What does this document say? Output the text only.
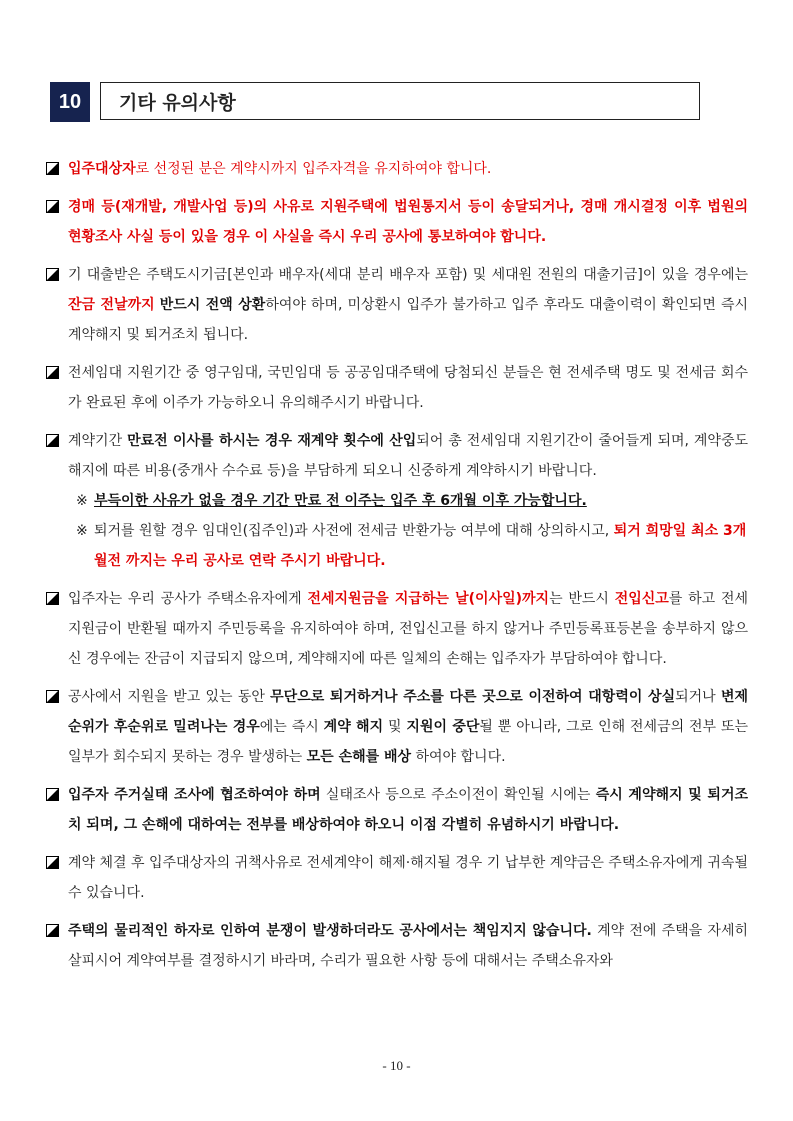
10	기타 유의사항
입주대상자로 선정된 분은 계약시까지 입주자격을 유지하여야 합니다.
경매 등(재개발, 개발사업 등)의 사유로 지원주택에 법원통지서 등이 송달되거나, 경매 개시결정 이후 법원의 현황조사 사실 등이 있을 경우 이 사실을 즉시 우리 공사에 통보하여야 합니다.
기 대출받은 주택도시기금[본인과 배우자(세대 분리 배우자 포함) 및 세대원 전원의 대출기금]이 있을 경우에는 잔금 전날까지 반드시 전액 상환하여야 하며, 미상환시 입주가 불가하고 입주 후라도 대출이력이 확인되면 즉시 계약해지 및 퇴거조치 됩니다.
전세임대 지원기간 중 영구임대, 국민임대 등 공공임대주택에 당첨되신 분들은 현 전세주택 명도 및 전세금 회수가 완료된 후에 이주가 가능하오니 유의해주시기 바랍니다.
계약기간 만료전 이사를 하시는 경우 재계약 횟수에 산입되어 총 전세임대 지원기간이 줄어들게 되며, 계약중도 해지에 따른 비용(중개사 수수료 등)을 부담하게 되오니 신중하게 계약하시기 바랍니다.
※ 부득이한 사유가 없을 경우 기간 만료 전 이주는 입주 후 6개월 이후 가능합니다.
※ 퇴거를 원할 경우 임대인(집주인)과 사전에 전세금 반환가능 여부에 대해 상의하시고, 퇴거 희망일 최소 3개월전 까지는 우리 공사로 연락 주시기 바랍니다.
입주자는 우리 공사가 주택소유자에게 전세지원금을 지급하는 날(이사일)까지는 반드시 전입신고를 하고 전세지원금이 반환될 때까지 주민등록을 유지하여야 하며, 전입신고를 하지 않거나 주민등록표등본을 송부하지 않으신 경우에는 잔금이 지급되지 않으며, 계약해지에 따른 일체의 손해는 입주자가 부담하여야 합니다.
공사에서 지원을 받고 있는 동안 무단으로 퇴거하거나 주소를 다른 곳으로 이전하여 대항력이 상실되거나 변제 순위가 후순위로 밀려나는 경우에는 즉시 계약 해지 및 지원이 중단될 뿐 아니라, 그로 인해 전세금의 전부 또는 일부가 회수되지 못하는 경우 발생하는 모든 손해를 배상 하여야 합니다.
입주자 주거실태 조사에 협조하여야 하며 실태조사 등으로 주소이전이 확인될 시에는 즉시 계약해지 및 퇴거조치 되며, 그 손해에 대하여는 전부를 배상하여야 하오니 이점 각별히 유념하시기 바랍니다.
계약 체결 후 입주대상자의 귀책사유로 전세계약이 해제·해지될 경우 기 납부한 계약금은 주택소유자에게 귀속될 수 있습니다.
주택의 물리적인 하자로 인하여 분쟁이 발생하더라도 공사에서는 책임지지 않습니다. 계약 전에 주택을 자세히 살피시어 계약여부를 결정하시기 바라며, 수리가 필요한 사항 등에 대해서는 주택소유자와
- 10 -
